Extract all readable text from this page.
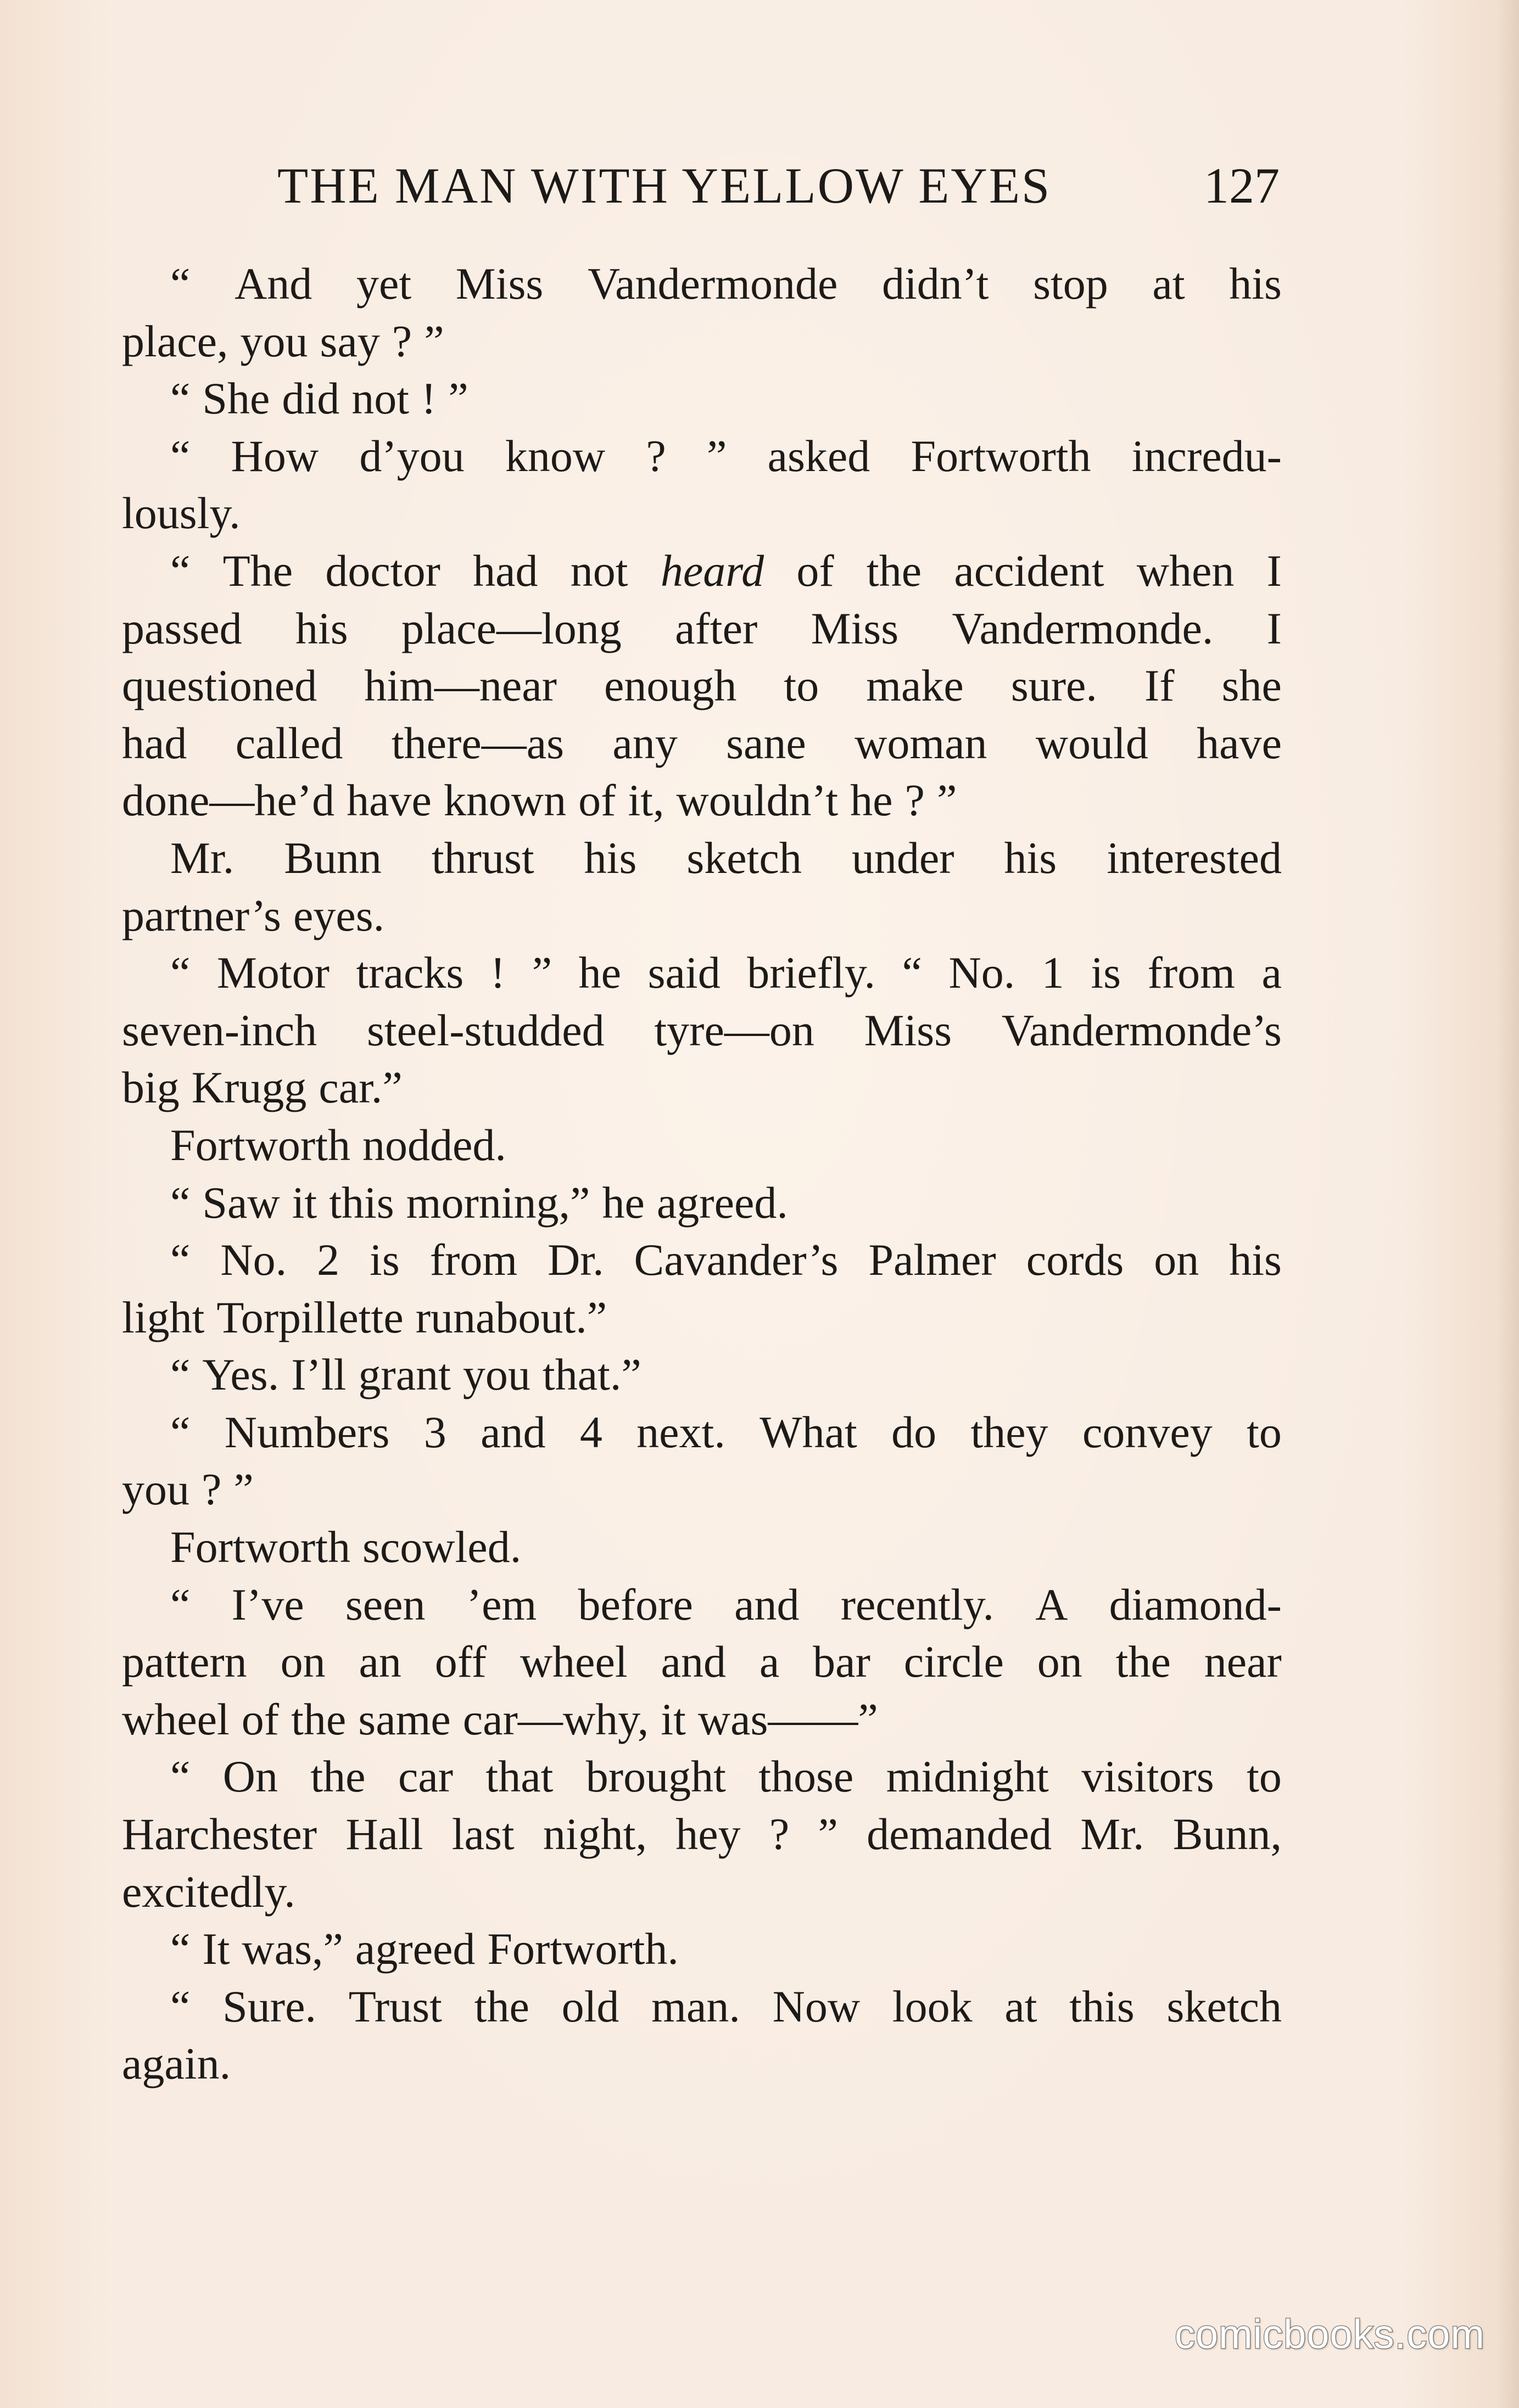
THE MAN WITH YELLOW EYES	127
“ And yet Miss Vandermonde didn’t stop at his
place, you say ? ”
“ She did not ! ”
“ How d’you know ? ” asked Fortworth incredu-
lously.
“ The doctor had not heard of the accident when I
passed his place—long after Miss Vandermonde. I
questioned him—near enough to make sure. If she
had called there—as any sane woman would have
done—he’d have known of it, wouldn’t he ? ”
Mr. Bunn thrust his sketch under his interested
partner’s eyes.
“ Motor tracks ! ” he said briefly. “ No. 1 is from a
seven-inch steel-studded tyre—on Miss Vandermonde’s
big Krugg car.”
Fortworth nodded.
“ Saw it this morning,” he agreed.
“ No. 2 is from Dr. Cavander’s Palmer cords on his
light Torpillette runabout.”
“ Yes. I’ll grant you that.”
“ Numbers 3 and 4 next. What do they convey to
you ? ”
Fortworth scowled.
“ I’ve seen ’em before and recently. A diamond-
pattern on an off wheel and a bar circle on the near
wheel of the same car—why, it was——”
“ On the car that brought those midnight visitors to
Harchester Hall last night, hey ? ” demanded Mr. Bunn,
excitedly.
“ It was,” agreed Fortworth.
“ Sure. Trust the old man. Now look at this sketch
again.
comicbooks.com
